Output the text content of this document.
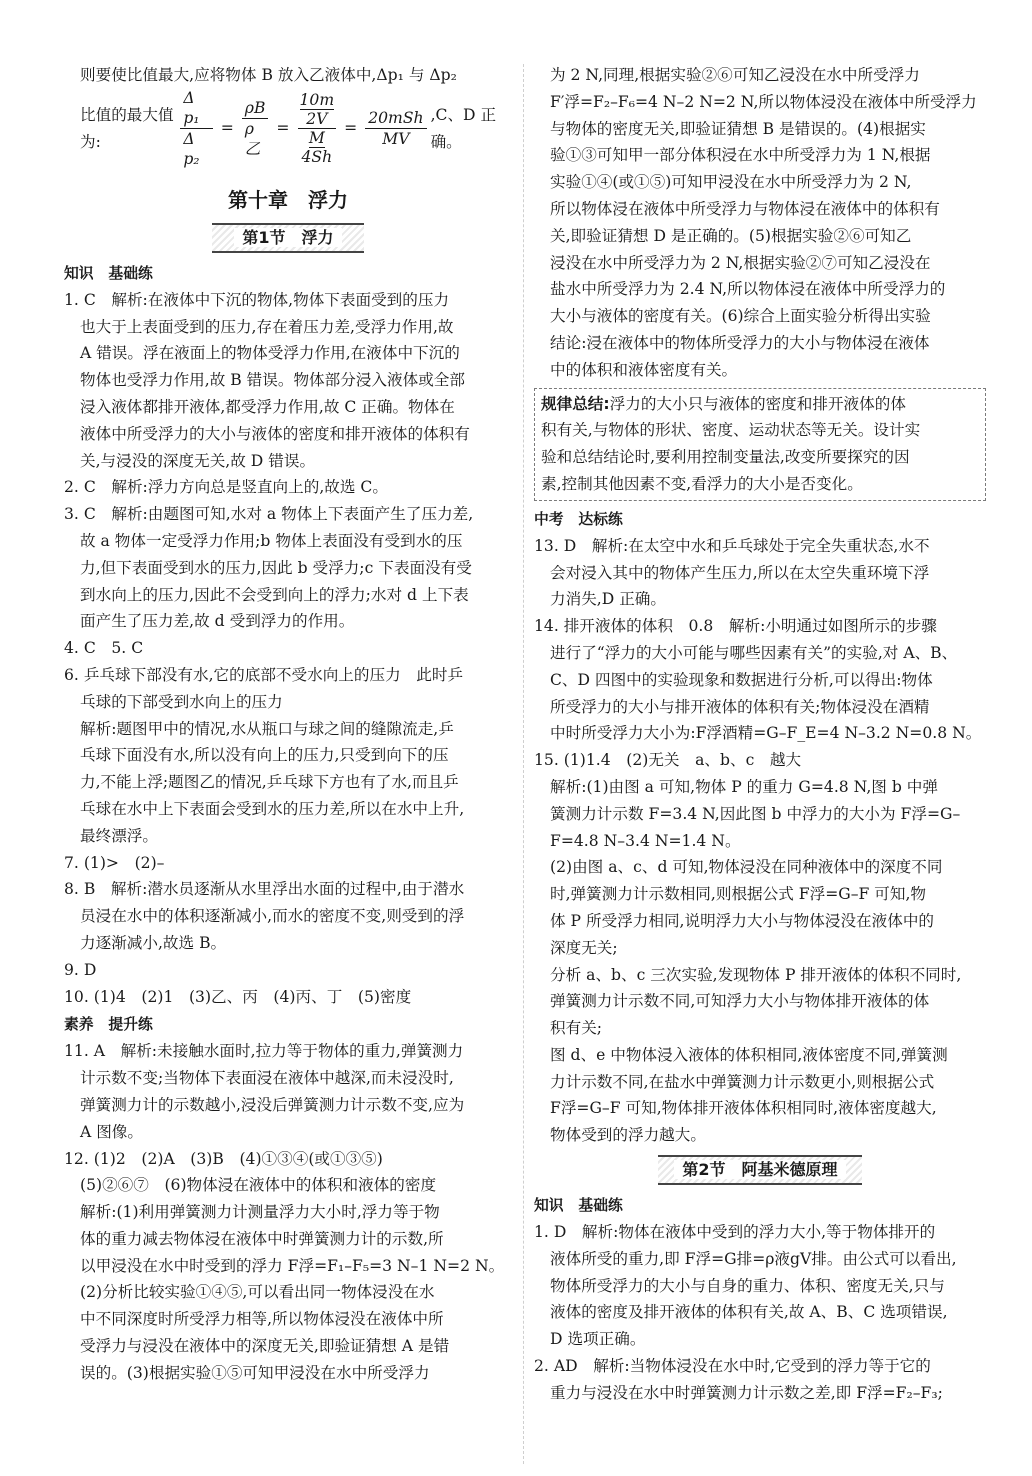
则要使比值最大,应将物体 B 放入乙液体中,Δp₁ 与 Δp₂
比值的最大值为:	$\frac{\text{Δ p₁}}{\text{Δ p₂}} = \frac{\rho B}{\text{ρ乙}} = 10m$
2V
M
$4Sh = \frac{\text{20mSh}}{MV} ,C$、D 正确。
第十章　浮力
第1节　浮力
知识　基础练
1. C　解析:在液体中下沉的物体,物体下表面受到的压力
也大于上表面受到的压力,存在着压力差,受浮力作用,故
A 错误。浮在液面上的物体受浮力作用,在液体中下沉的
物体也受浮力作用,故 B 错误。物体部分浸入液体或全部
浸入液体都排开液体,都受浮力作用,故 C 正确。物体在
液体中所受浮力的大小与液体的密度和排开液体的体积有
关,与浸没的深度无关,故 D 错误。
2. C　解析:浮力方向总是竖直向上的,故选 C。
3. C　解析:由题图可知,水对 a 物体上下表面产生了压力差,
故 a 物体一定受浮力作用;b 物体上表面没有受到水的压
力,但下表面受到水的压力,因此 b 受浮力;c 下表面没有受
到水向上的压力,因此不会受到向上的浮力;水对 d 上下表
面产生了压力差,故 d 受到浮力的作用。
4. C　5. C
6. 乒乓球下部没有水,它的底部不受水向上的压力　此时乒
乓球的下部受到水向上的压力
解析:题图甲中的情况,水从瓶口与球之间的缝隙流走,乒
乓球下面没有水,所以没有向上的压力,只受到向下的压
力,不能上浮;题图乙的情况,乒乓球下方也有了水,而且乒
乓球在水中上下表面会受到水的压力差,所以在水中上升,
最终漂浮。
7. (1)>　(2)–
8. B　解析:潜水员逐渐从水里浮出水面的过程中,由于潜水
员浸在水中的体积逐渐减小,而水的密度不变,则受到的浮
力逐渐减小,故选 B。
9. D
10. (1)4　(2)1　(3)乙、丙　(4)丙、丁　(5)密度
素养　提升练
11. A　解析:未接触水面时,拉力等于物体的重力,弹簧测力
计示数不变;当物体下表面浸在液体中越深,而未浸没时,
弹簧测力计的示数越小,浸没后弹簧测力计示数不变,应为
A 图像。
12. (1)2　(2)A　(3)B　(4)①③④(或①③⑤)
(5)②⑥⑦　(6)物体浸在液体中的体积和液体的密度
解析:(1)利用弹簧测力计测量浮力大小时,浮力等于物
体的重力减去物体浸在液体中时弹簧测力计的示数,所
以甲浸没在水中时受到的浮力 F浮=F₁–F₅=3 N–1 N=2 N。
(2)分析比较实验①④⑤,可以看出同一物体浸没在水
中不同深度时所受浮力相等,所以物体浸没在液体中所
受浮力与浸没在液体中的深度无关,即验证猜想 A 是错
误的。(3)根据实验①⑤可知甲浸没在水中所受浮力
为 2 N,同理,根据实验②⑥可知乙浸没在水中所受浮力
F′浮=F₂–F₆=4 N–2 N=2 N,所以物体浸没在液体中所受浮力
与物体的密度无关,即验证猜想 B 是错误的。(4)根据实
验①③可知甲一部分体积浸在水中所受浮力为 1 N,根据
实验①④(或①⑤)可知甲浸没在水中所受浮力为 2 N,
所以物体浸在液体中所受浮力与物体浸在液体中的体积有
关,即验证猜想 D 是正确的。(5)根据实验②⑥可知乙
浸没在水中所受浮力为 2 N,根据实验②⑦可知乙浸没在
盐水中所受浮力为 2.4 N,所以物体浸在液体中所受浮力的
大小与液体的密度有关。(6)综合上面实验分析得出实验
结论:浸在液体中的物体所受浮力的大小与物体浸在液体
中的体积和液体密度有关。
规律总结:浮力的大小只与液体的密度和排开液体的体
积有关,与物体的形状、密度、运动状态等无关。设计实
验和总结结论时,要利用控制变量法,改变所要探究的因
素,控制其他因素不变,看浮力的大小是否变化。
中考　达标练
13. D　解析:在太空中水和乒乓球处于完全失重状态,水不
会对浸入其中的物体产生压力,所以在太空失重环境下浮
力消失,D 正确。
14. 排开液体的体积　0.8　解析:小明通过如图所示的步骤
进行了“浮力的大小可能与哪些因素有关”的实验,对 A、B、
C、D 四图中的实验现象和数据进行分析,可以得出:物体
所受浮力的大小与排开液体的体积有关;物体浸没在酒精
中时所受浮力大小为:F浮酒精=G–F_E=4 N–3.2 N=0.8 N。
15. (1)1.4　(2)无关　a、b、c　越大
解析:(1)由图 a 可知,物体 P 的重力 G=4.8 N,图 b 中弹
簧测力计示数 F=3.4 N,因此图 b 中浮力的大小为 F浮=G–
F=4.8 N–3.4 N=1.4 N。
(2)由图 a、c、d 可知,物体浸没在同种液体中的深度不同
时,弹簧测力计示数相同,则根据公式 F浮=G–F 可知,物
体 P 所受浮力相同,说明浮力大小与物体浸没在液体中的
深度无关;
分析 a、b、c 三次实验,发现物体 P 排开液体的体积不同时,
弹簧测力计示数不同,可知浮力大小与物体排开液体的体
积有关;
图 d、e 中物体浸入液体的体积相同,液体密度不同,弹簧测
力计示数不同,在盐水中弹簧测力计示数更小,则根据公式
F浮=G–F 可知,物体排开液体体积相同时,液体密度越大,
物体受到的浮力越大。
第2节　阿基米德原理
知识　基础练
1. D　解析:物体在液体中受到的浮力大小,等于物体排开的
液体所受的重力,即 F浮=G排=ρ液gV排。由公式可以看出,
物体所受浮力的大小与自身的重力、体积、密度无关,只与
液体的密度及排开液体的体积有关,故 A、B、C 选项错误,
D 选项正确。
2. AD　解析:当物体浸没在水中时,它受到的浮力等于它的
重力与浸没在水中时弹簧测力计示数之差,即 F浮=F₂–F₃;
